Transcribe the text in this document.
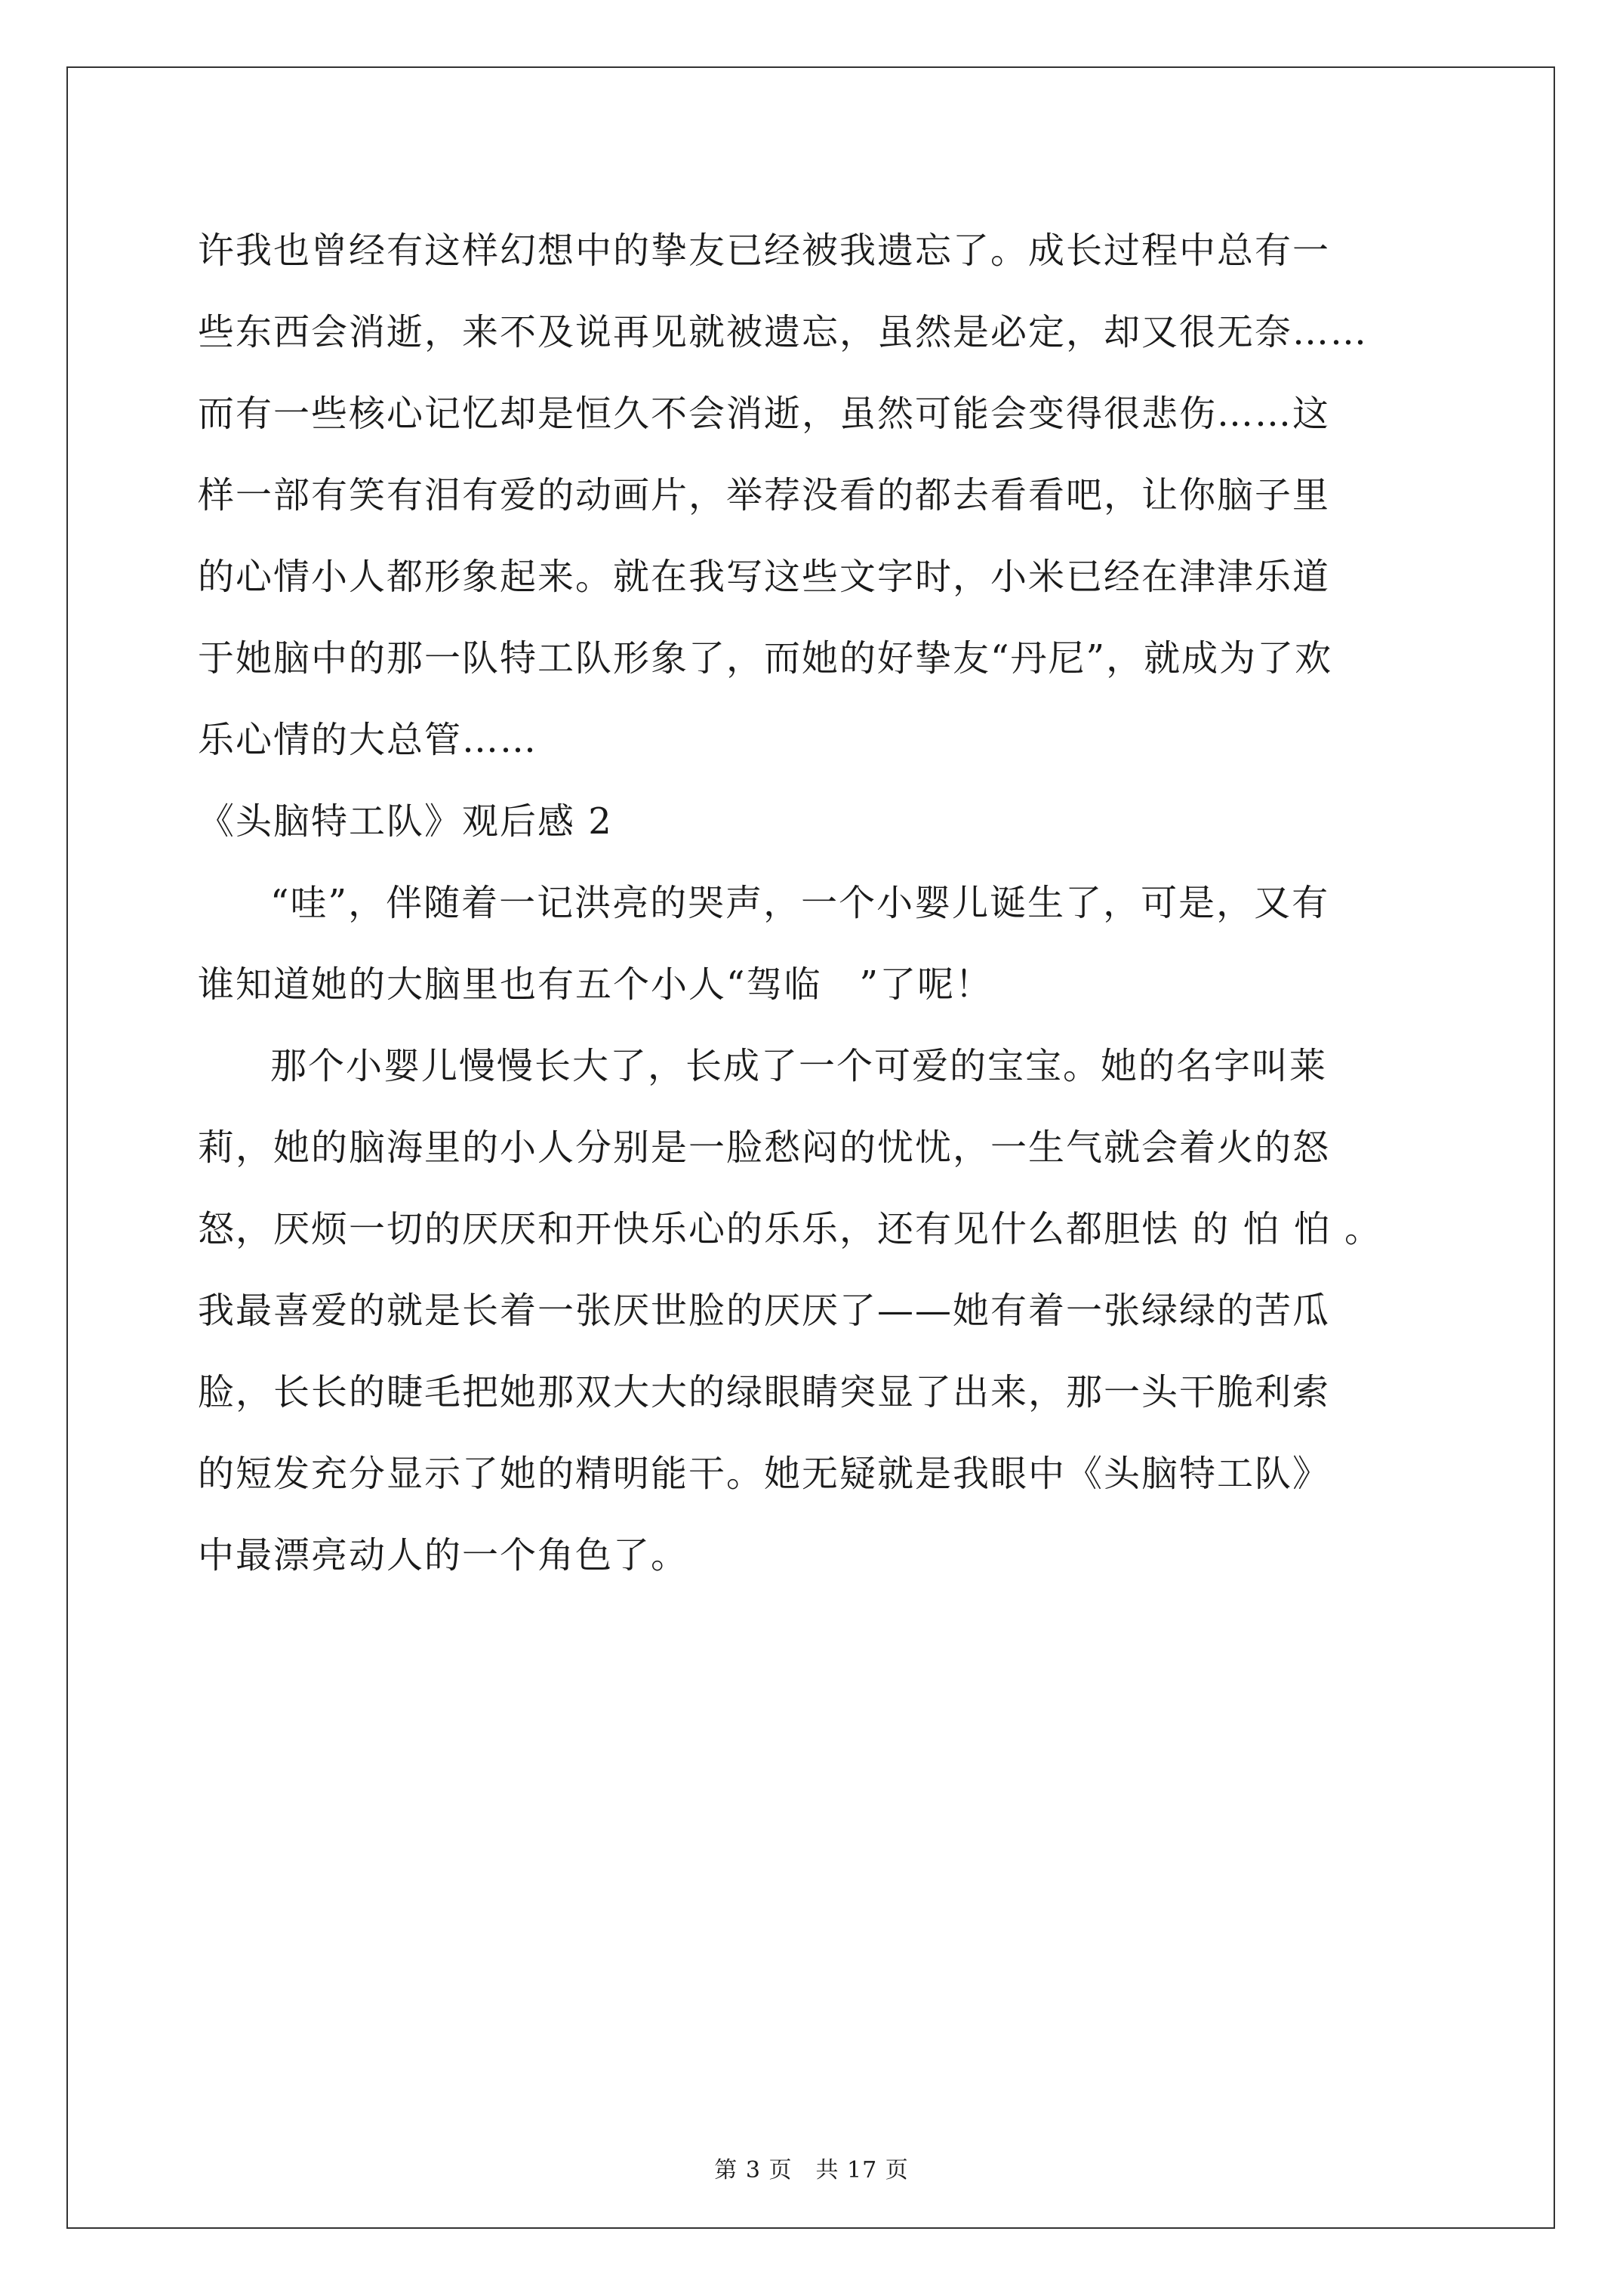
许我也曾经有这样幻想中的挚友已经被我遗忘了。成长过程中总有一
些东西会消逝，来不及说再见就被遗忘，虽然是必定，却又很无奈……
而有一些核心记忆却是恒久不会消逝，虽然可能会变得很悲伤……这
样一部有笑有泪有爱的动画片，举荐没看的都去看看吧，让你脑子里
的心情小人都形象起来。就在我写这些文字时，小米已经在津津乐道
于她脑中的那一队特工队形象了，而她的好挚友“丹尼”，就成为了欢
乐心情的大总管……
《头脑特工队》观后感 2
“哇”，伴随着一记洪亮的哭声，一个小婴儿诞生了，可是，又有
谁知道她的大脑里也有五个小人“驾临　”了呢！
那个小婴儿慢慢长大了，长成了一个可爱的宝宝。她的名字叫莱
莉，她的脑海里的小人分别是一脸愁闷的忧忧，一生气就会着火的怒
怒，厌烦一切的厌厌和开快乐心的乐乐，还有见什么都胆怯 的 怕 怕 。
我最喜爱的就是长着一张厌世脸的厌厌了——她有着一张绿绿的苦瓜
脸，长长的睫毛把她那双大大的绿眼睛突显了出来，那一头干脆利索
的短发充分显示了她的精明能干。她无疑就是我眼中《头脑特工队》
中最漂亮动人的一个角色了。
第 3 页　共 17 页
